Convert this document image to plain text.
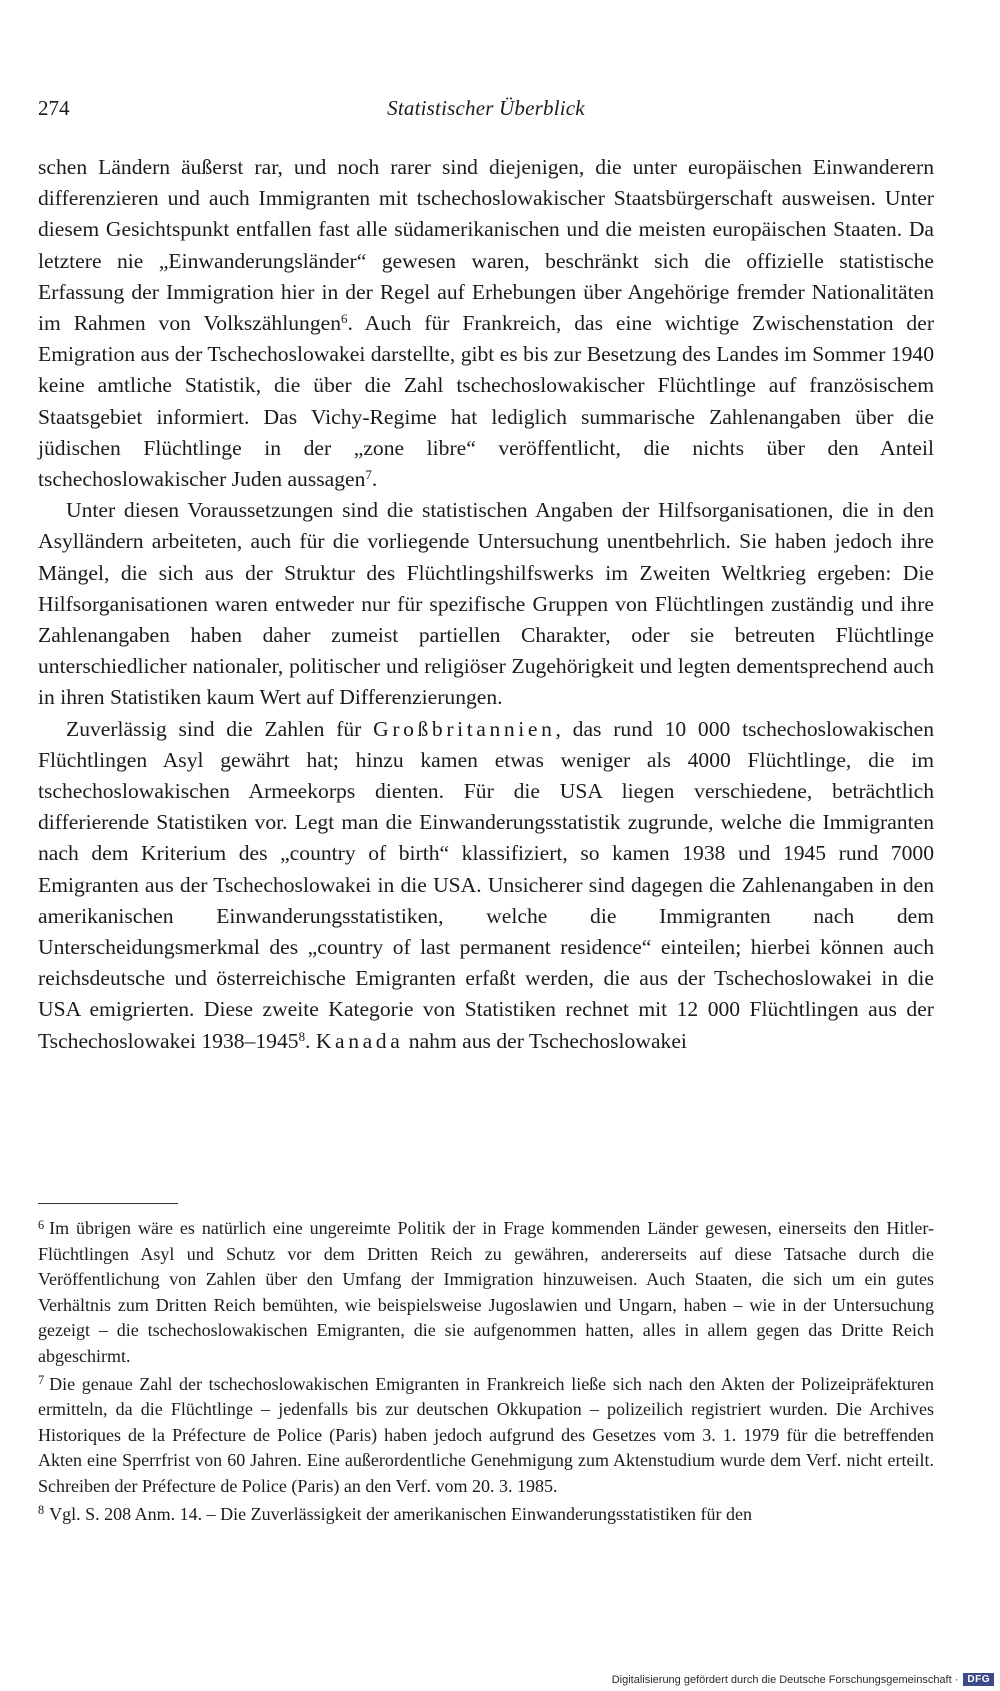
274	Statistischer Überblick

schen Ländern äußerst rar, und noch rarer sind diejenigen, die unter europäischen Einwanderern differenzieren und auch Immigranten mit tschechoslowakischer Staatsbürgerschaft ausweisen. Unter diesem Gesichtspunkt entfallen fast alle südamerikanischen und die meisten europäischen Staaten. Da letztere nie „Einwanderungsländer“ gewesen waren, beschränkt sich die offizielle statistische Erfassung der Immigration hier in der Regel auf Erhebungen über Angehörige fremder Nationalitäten im Rahmen von Volkszählungen$^6$. Auch für Frankreich, das eine wichtige Zwischenstation der Emigration aus der Tschechoslowakei darstellte, gibt es bis zur Besetzung des Landes im Sommer 1940 keine amtliche Statistik, die über die Zahl tschechoslowakischer Flüchtlinge auf französischem Staatsgebiet informiert. Das Vichy-Regime hat lediglich summarische Zahlenangaben über die jüdischen Flüchtlinge in der „zone libre“ veröffentlicht, die nichts über den Anteil tschechoslowakischer Juden aussagen$^7$.

Unter diesen Voraussetzungen sind die statistischen Angaben der Hilfsorganisationen, die in den Asylländern arbeiteten, auch für die vorliegende Untersuchung unentbehrlich. Sie haben jedoch ihre Mängel, die sich aus der Struktur des Flüchtlingshilfswerks im Zweiten Weltkrieg ergeben: Die Hilfsorganisationen waren entweder nur für spezifische Gruppen von Flüchtlingen zuständig und ihre Zahlenangaben haben daher zumeist partiellen Charakter, oder sie betreuten Flüchtlinge unterschiedlicher nationaler, politischer und religiöser Zugehörigkeit und legten dementsprechend auch in ihren Statistiken kaum Wert auf Differenzierungen.

Zuverlässig sind die Zahlen für Großbritannien, das rund 10 000 tschechoslowakischen Flüchtlingen Asyl gewährt hat; hinzu kamen etwas weniger als 4000 Flüchtlinge, die im tschechoslowakischen Armeekorps dienten. Für die USA liegen verschiedene, beträchtlich differierende Statistiken vor. Legt man die Einwanderungsstatistik zugrunde, welche die Immigranten nach dem Kriterium des „country of birth“ klassifiziert, so kamen 1938 und 1945 rund 7000 Emigranten aus der Tschechoslowakei in die USA. Unsicherer sind dagegen die Zahlenangaben in den amerikanischen Einwanderungsstatistiken, welche die Immigranten nach dem Unterscheidungsmerkmal des „country of last permanent residence“ einteilen; hierbei können auch reichsdeutsche und österreichische Emigranten erfaßt werden, die aus der Tschechoslowakei in die USA emigrierten. Diese zweite Kategorie von Statistiken rechnet mit 12 000 Flüchtlingen aus der Tschechoslowakei 1938–1945$^8$. Kanada nahm aus der Tschechoslowakei

$^6$ Im übrigen wäre es natürlich eine ungereimte Politik der in Frage kommenden Länder gewesen, einerseits den Hitler-Flüchtlingen Asyl und Schutz vor dem Dritten Reich zu gewähren, andererseits auf diese Tatsache durch die Veröffentlichung von Zahlen über den Umfang der Immigration hinzuweisen. Auch Staaten, die sich um ein gutes Verhältnis zum Dritten Reich bemühten, wie beispielsweise Jugoslawien und Ungarn, haben – wie in der Untersuchung gezeigt – die tschechoslowakischen Emigranten, die sie aufgenommen hatten, alles in allem gegen das Dritte Reich abgeschirmt.

$^7$ Die genaue Zahl der tschechoslowakischen Emigranten in Frankreich ließe sich nach den Akten der Polizeipräfekturen ermitteln, da die Flüchtlinge – jedenfalls bis zur deutschen Okkupation – polizeilich registriert wurden. Die Archives Historiques de la Préfecture de Police (Paris) haben jedoch aufgrund des Gesetzes vom 3. 1. 1979 für die betreffenden Akten eine Sperrfrist von 60 Jahren. Eine außerordentliche Genehmigung zum Aktenstudium wurde dem Verf. nicht erteilt. Schreiben der Préfecture de Police (Paris) an den Verf. vom 20. 3. 1985.

$^8$ Vgl. S. 208 Anm. 14. – Die Zuverlässigkeit der amerikanischen Einwanderungsstatistiken für den

Digitalisierung gefördert durch die Deutsche Forschungsgemeinschaft · DFG
